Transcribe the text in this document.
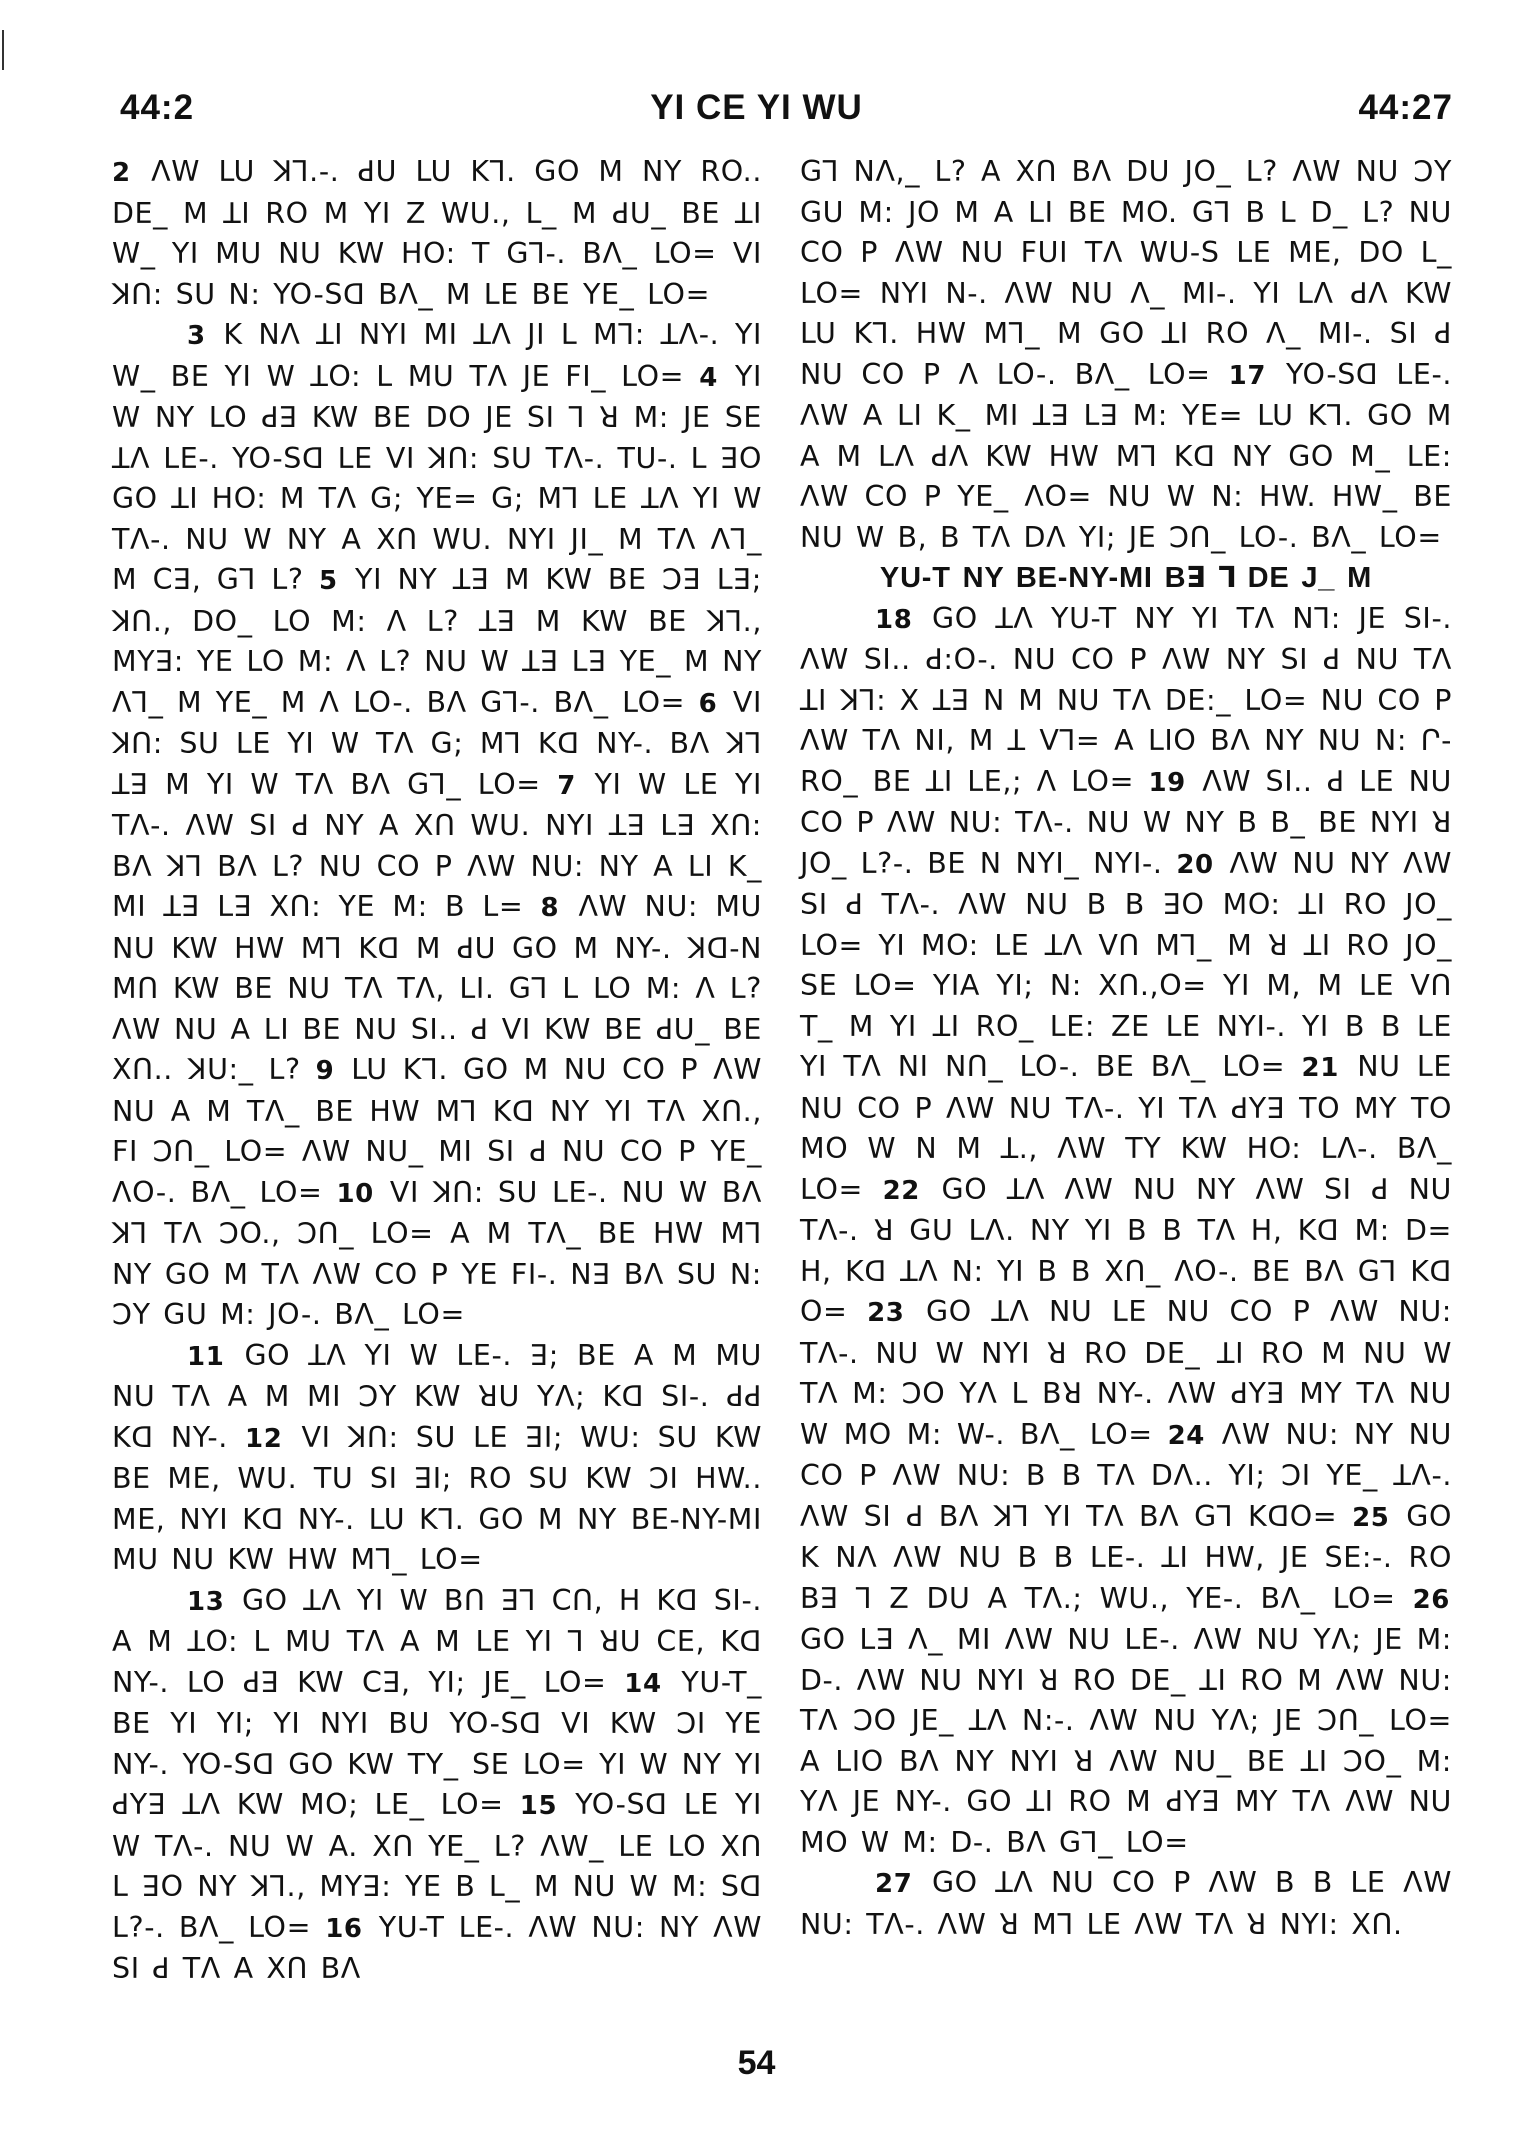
44:2	YI CE YI WU	44:27

2 ɅW LU ꓘꓶ.-. ꓒU LU Kꓶ. GO M NY RO.. DE_ M ꓕI RO M YI Z WU., L_ M ꓒU_ BE ꓕI W_ YI MU NU KW HO: T Gꓶ-. BɅ_ LO= VI ꓘꓵ: SU N: YO-Sꓷ BɅ_ M LE BE YE_ LO=

3 K NɅ ꓕI NYI MI ꓕɅ JI L Mꓶ: ꓕɅ-. YI W_ BE YI W ꓕO: L MU TɅ JE FI_ LO= 4 YI W NY LO ꓒꓱ KW BE DO JE SI ꓶ ꓤ M: JE SE ꓕɅ LE-. YO-Sꓷ LE VI ꓘꓵ: SU TɅ-. TU-. L ꓱO GO ꓕI HO: M TɅ G; YE= G; Mꓶ LE ꓕɅ YI W TɅ-. NU W NY A Xꓵ WU. NYI JI_ M TɅ Ʌꓶ_ M Cꓱ, Gꓶ L? 5 YI NY ꓕꓱ M KW BE ꓛꓱ Lꓱ; ꓘꓵ., DO_ LO M: Ʌ L? ꓕꓱ M KW BE ꓘꓶ., MYꓱ: YE LO M: Ʌ L? NU W ꓕꓱ Lꓱ YE_ M NY Ʌꓶ_ M YE_ M Ʌ LO-. BɅ Gꓶ-. BɅ_ LO= 6 VI ꓘꓵ: SU LE YI W TɅ G; Mꓶ Kꓷ NY-. BɅ ꓘꓶ ꓕꓱ M YI W TɅ BɅ Gꓶ_ LO= 7 YI W LE YI TɅ-. ɅW SI ꓒ NY A Xꓵ WU. NYI ꓕꓱ Lꓱ Xꓵ: BɅ ꓘꓶ BɅ L? NU CO P ɅW NU: NY A LI K_ MI ꓕꓱ Lꓱ Xꓵ: YE M: B L= 8 ɅW NU: MU NU KW HW Mꓶ Kꓷ M ꓒU GO M NY-. ꓘꓷ-N Mꓵ KW BE NU TɅ TɅ, LI. Gꓶ L LO M: Ʌ L? ɅW NU A LI BE NU SI.. ꓒ VI KW BE ꓒU_ BE Xꓵ.. ꓘU:_ L? 9 LU Kꓶ. GO M NU CO P ɅW NU A M TɅ_ BE HW Mꓶ Kꓷ NY YI TɅ Xꓵ., FI ꓛꓵ_ LO= ɅW NU_ MI SI ꓒ NU CO P YE_ ɅO-. BɅ_ LO= 10 VI ꓘꓵ: SU LE-. NU W BɅ ꓘꓶ TɅ ꓛO., ꓛꓵ_ LO= A M TɅ_ BE HW Mꓶ NY GO M TɅ ɅW CO P YE FI-. Nꓱ BɅ SU N: ꓛY GU M: JO-. BɅ_ LO=

11 GO ꓕɅ YI W LE-. ꓱ; BE A M MU NU TɅ A M MI ꓛY KW ꓤU YɅ; Kꓷ SI-. ꓒꓒ Kꓷ NY-. 12 VI ꓘꓵ: SU LE ꓱI; WU: SU KW BE ME, WU. TU SI ꓱI; RO SU KW ꓛI HW.. ME, NYI Kꓷ NY-. LU Kꓶ. GO M NY BE-NY-MI MU NU KW HW Mꓶ_ LO=

13 GO ꓕɅ YI W Bꓵ ꓱꓶ Cꓵ, H Kꓷ SI-. A M ꓕO: L MU TɅ A M LE YI ꓶ ꓤU CE, Kꓷ NY-. LO ꓒꓱ KW Cꓱ, YI; JE_ LO= 14 YU-T_ BE YI YI; YI NYI BU YO-Sꓷ VI KW ꓛI YE NY-. YO-Sꓷ GO KW TY_ SE LO= YI W NY YI ꓒYꓱ ꓕɅ KW MO; LE_ LO= 15 YO-Sꓷ LE YI W TɅ-. NU W A. Xꓵ YE_ L? ɅW_ LE LO Xꓵ L ꓱO NY ꓘꓶ., MYꓱ: YE B L_ M NU W M: Sꓷ L?-. BɅ_ LO= 16 YU-T LE-. ɅW NU: NY ɅW SI ꓒ TɅ A Xꓵ BɅ

Gꓶ NɅ,_ L? A Xꓵ BɅ DU JO_ L? ɅW NU ꓛY GU M: JO M A LI BE MO. Gꓶ B L D_ L? NU CO P ɅW NU FUI TɅ WU-S LE ME, DO L_ LO= NYI N-. ɅW NU Ʌ_ MI-. YI LɅ ꓒɅ KW LU Kꓶ. HW Mꓶ_ M GO ꓕI RO Ʌ_ MI-. SI ꓒ NU CO P Ʌ LO-. BɅ_ LO= 17 YO-Sꓷ LE-. ɅW A LI K_ MI ꓕꓱ Lꓱ M: YE= LU Kꓶ. GO M A M LɅ ꓒɅ KW HW Mꓶ Kꓷ NY GO M_ LE: ɅW CO P YE_ ɅO= NU W N: HW. HW_ BE NU W B, B TɅ DɅ YI; JE ꓛꓵ_ LO-. BɅ_ LO=

YU-T NY BE-NY-MI Bꓱ ꓶ DE J_ M

18 GO ꓕɅ YU-T NY YI TɅ Nꓶ: JE SI-. ɅW SI.. ꓒ:O-. NU CO P ɅW NY SI ꓒ NU TɅ ꓕI ꓘꓶ: X ꓕꓱ N M NU TɅ DE:_ LO= NU CO P ɅW TɅ NI, M ꓕ Vꓶ= A LIO BɅ NY NU N: Ր-RO_ BE ꓕI LE,; Ʌ LO= 19 ɅW SI.. ꓒ LE NU CO P ɅW NU: TɅ-. NU W NY B B_ BE NYI ꓤ JO_ L?-. BE N NYI_ NYI-. 20 ɅW NU NY ɅW SI ꓒ TɅ-. ɅW NU B B ꓱO MO: ꓕI RO JO_ LO= YI MO: LE ꓕɅ Vꓵ Mꓶ_ M ꓤ ꓕI RO JO_ SE LO= YIA YI; N: Xꓵ.,O= YI M, M LE Vꓵ T_ M YI ꓕI RO_ LE: ZE LE NYI-. YI B B LE YI TɅ NI Nꓵ_ LO-. BE BɅ_ LO= 21 NU LE NU CO P ɅW NU TɅ-. YI TɅ ꓒYꓱ TO MY TO MO W N M ꓕ., ɅW TY KW HO: LɅ-. BɅ_ LO= 22 GO ꓕɅ ɅW NU NY ɅW SI ꓒ NU TɅ-. ꓤ GU LɅ. NY YI B B TɅ H, Kꓷ M: D= H, Kꓷ ꓕɅ N: YI B B Xꓵ_ ɅO-. BE BɅ Gꓶ Kꓷ O= 23 GO ꓕɅ NU LE NU CO P ɅW NU: TɅ-. NU W NYI ꓤ RO DE_ ꓕI RO M NU W TɅ M: ꓛO YɅ L Bꓤ NY-. ɅW ꓒYꓱ MY TɅ NU W MO M: W-. BɅ_ LO= 24 ɅW NU: NY NU CO P ɅW NU: B B TɅ DɅ.. YI; ꓛI YE_ ꓕɅ-. ɅW SI ꓒ BɅ ꓘꓶ YI TɅ BɅ Gꓶ KꓷO= 25 GO K NɅ ɅW NU B B LE-. ꓕI HW, JE SE:-. RO Bꓱ ꓶ Z DU A TɅ.; WU., YE-. BɅ_ LO= 26 GO Lꓱ Ʌ_ MI ɅW NU LE-. ɅW NU YɅ; JE M: D-. ɅW NU NYI ꓤ RO DE_ ꓕI RO M ɅW NU: TɅ ꓛO JE_ ꓕɅ N:-. ɅW NU YɅ; JE ꓛꓵ_ LO= A LIO BɅ NY NYI ꓤ ɅW NU_ BE ꓕI ꓛO_ M: YɅ JE NY-. GO ꓕI RO M ꓒYꓱ MY TɅ ɅW NU MO W M: D-. BɅ Gꓶ_ LO=

27 GO ꓕɅ NU CO P ɅW B B LE ɅW NU: TɅ-. ɅW ꓤ Mꓶ LE ɅW TɅ ꓤ NYI: Xꓵ.

54
